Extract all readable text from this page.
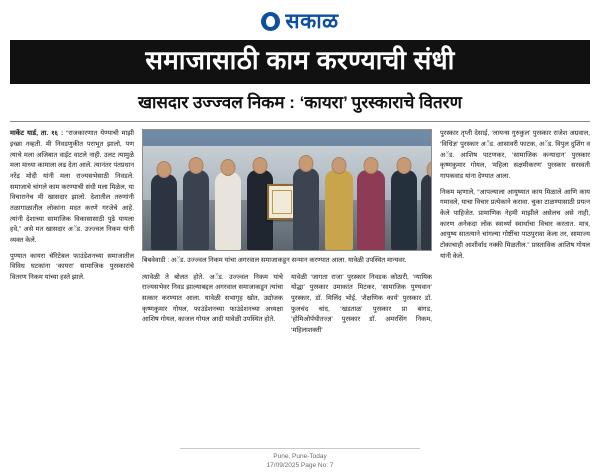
सकाळ
समाजासाठी काम करण्याची संधी
खासदार उज्ज्वल निकम : ‘कायरा’ पुरस्काराचे वितरण

मार्केट यार्ड, ता. १६ : “राजकारणात येण्याची माझी इच्छा नव्हती. मी निवडणुकीत पराभूत झालो, पण त्याचे मला अजिबात वाईट वाटले नाही. उलट त्यामुळे मला माध्या कामाला लढ देता आले. त्यानंतर पंतप्रधान नरेंद्र मोदी यांनी मला राज्यसभेसाठी निवडले. समाजाचे चांगले काम करण्याची संधी मला मिळेल, या विचारानेच मी खासदार झालो. देशातील तरुणांनी तळागाळातील लोकांना मदत करणे गरजेचे आहे. त्यांनी देशाच्या सामाजिक विकासासाठी पुढे यायला हवे,” असे मत खासदार अॅड. उज्ज्वल निकम यांनी व्यक्त केले.

पुण्यात कायरा चॅरिटेबल फाउंडेशनच्या समाजातील विविध घटकांना ‘कायरा’ सामाजिक पुरस्कारांचे वितरण निकम यांच्या हस्ते झाले.

बिबवेवाडी : अॅड. उज्ज्वल निकम यांचा अगरवाल समाजाकडून सन्मान करण्यात आला. यावेळी उपस्थित मान्यवर.

त्यावेळी ते बोलत होते. अॅड. उज्ज्वल निकम यांचे राज्यसभेवर निवड झाल्याबद्दल अगरवाल समाजाकडून त्यांचा सत्कार करण्यात आला. यावेळी सभागृह खोत, उद्योजक कृष्णकुमार गोयल, फाउंडेशनच्या फाउंडेशनच्या अध्यक्षा आशिष गोयल, काजल गोयल आदी यावेळी उपस्थित होते.

यावेळी ‘जागता राजा’ पुरस्कार निवडक कोठारी, ‘न्यायिक योद्धा’ पुरस्कार उमाकांत मिटकर, ‘सामाजिक पुण्यवान’ पुरस्कार, डॉ. मिलिंद भोई, ‘शैक्षणिक कार्य’ पुरस्कार डॉ. फुलचंद चांद, ‘खडताळ’ पुरस्कार प्रा बांगड, ‘होमिओपॅथीतज्ज्ञ’ पुरस्कार डॉ. अमरसिंग निकम, ‘महिलाशक्ती’

पुरस्कार तृप्ती देसाई, ‘लायन्स गुरुकुल’ पुरस्कार राजेश अग्रवाल, ‘विधिज्ञ’ पुरस्कार अॅड. आसावरी फाटक, अॅड. विपुल दुशिंग व अॅड. आशिष पाटणकर, ‘सामाजिक कन्यादान’ पुरस्कार कृष्णकुमार गोयल, ‘महिला सक्षमीकरण’ पुरस्कार सरस्वती गायकवाड यांना देण्यात आला.

निकम म्हणाले, “आपल्याला आयुष्यात काय मिळाले आणि काय गमावले, याचा विचार प्रत्येकाने करावा. चुका टाळण्यासाठी प्रयत्न केले पाहिजेत. प्रामाणिक नेहमी माझीले असेलच असे नाही, कारण अनेकदा लोक स्वार्थ्या स्वार्थाचा विचार करतात. मात्र, आयुष्य सातत्याने चांगल्या गोष्टींचा पाठपुरावा केला तर, सामाज्य टोकाचाही आशीर्वाद नक्की मिळतील.” प्रास्ताविक आशिष गोयल यांनी केले.

Pune, Pune-Today
17/09/2025 Page No: 7
